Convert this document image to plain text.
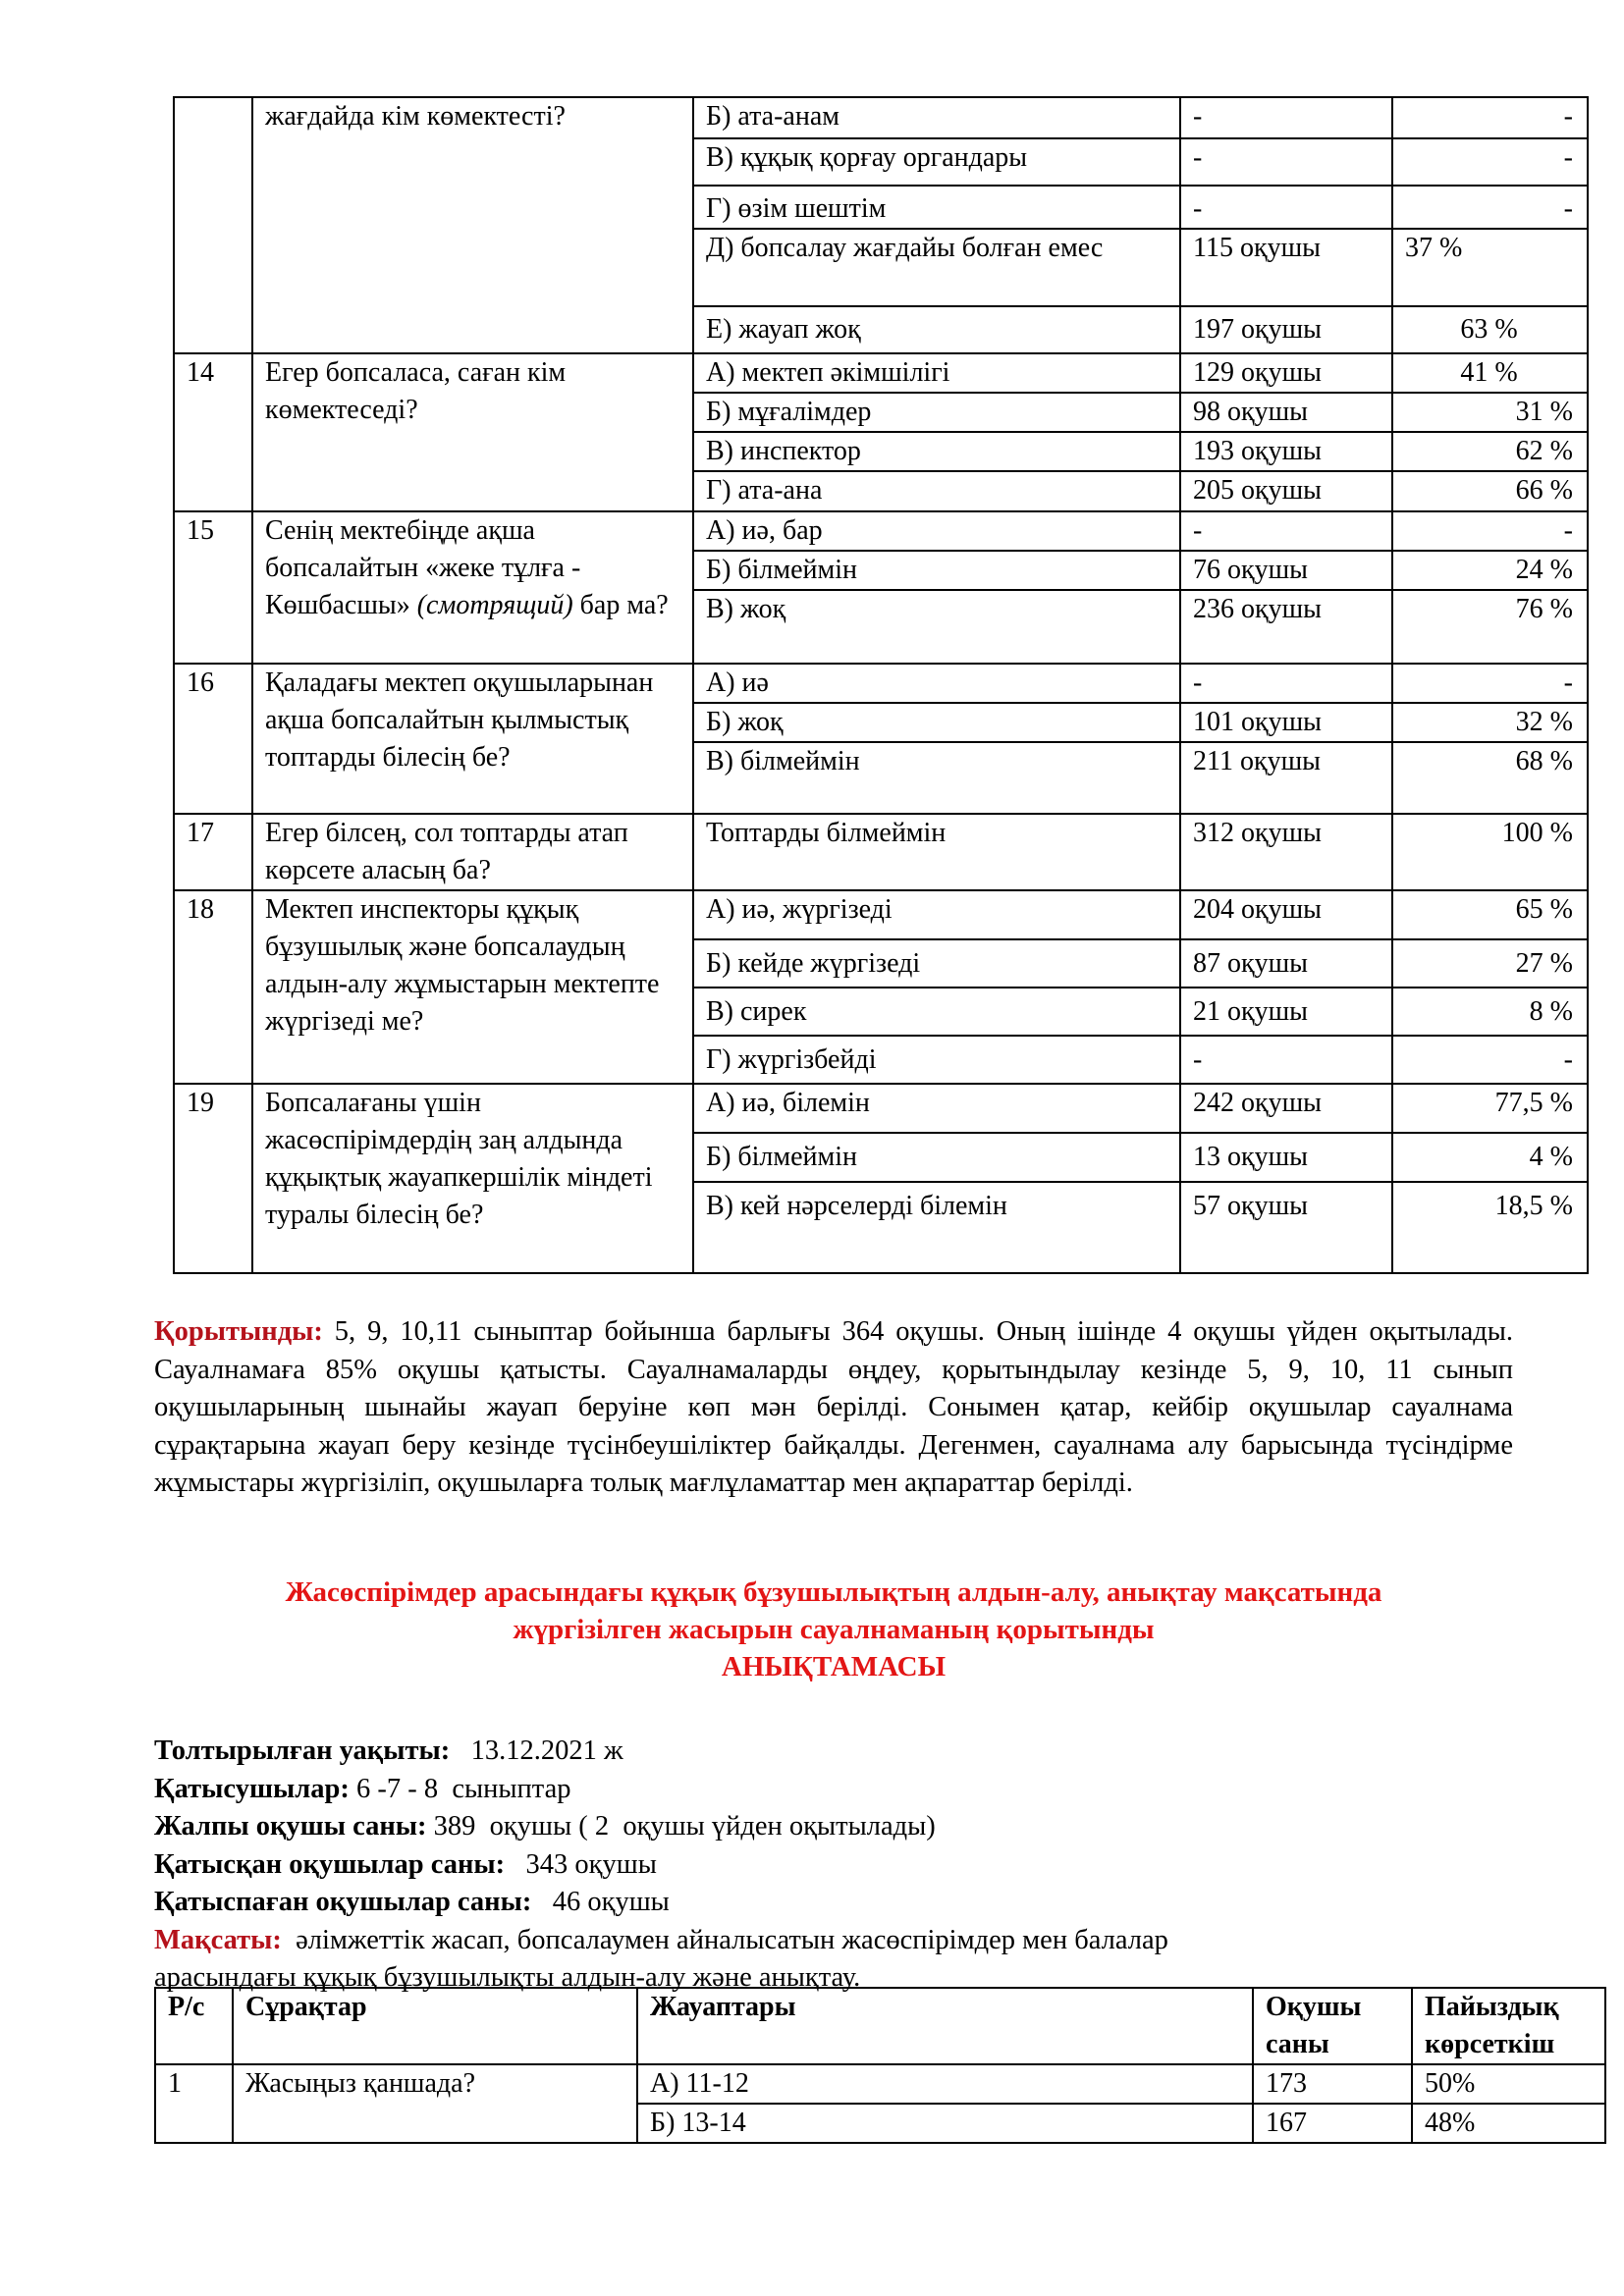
	жағдайда кім көмектесті?	Б) ата-анам	-	-
		В) құқық қорғау органдары	-	-
		Г) өзім шештім	-	-
		Д) бопсалау жағдайы болған емес	115 оқушы	37 %
		Е) жауап жоқ	197 оқушы	63 %
14	Егер бопсаласа, саған кім көмектеседі?	А) мектеп әкімшілігі	129 оқушы	41 %
		Б) мұғалімдер	98 оқушы	31 %
		В) инспектор	193 оқушы	62 %
		Г) ата-ана	205 оқушы	66 %
15	Сенің мектебіңде ақша бопсалайтын «жеке тұлға - Көшбасшы» (смотрящий) бар ма?	А) иә, бар	-	-
		Б) білмеймін	76 оқушы	24 %
		В) жоқ	236 оқушы	76 %
16	Қаладағы мектеп оқушыларынан ақша бопсалайтын қылмыстық топтарды білесің бе?	А) иә	-	-
		Б) жоқ	101 оқушы	32 %
		В) білмеймін	211 оқушы	68 %
17	Егер білсең, сол топтарды атап көрсете аласың ба?	Топтарды білмеймін	312 оқушы	100 %
18	Мектеп инспекторы құқық бұзушылық және бопсалаудың алдын-алу жұмыстарын мектепте жүргізеді ме?	А) иә, жүргізеді	204 оқушы	65 %
		Б) кейде жүргізеді	87 оқушы	27 %
		В) сирек	21 оқушы	8 %
		Г) жүргізбейді	-	-
19	Бопсалағаны үшін жасөспірімдердің заң алдында құқықтық жауапкершілік міндеті туралы білесің бе?	А) иә, білемін	242 оқушы	77,5 %
		Б) білмеймін	13 оқушы	4 %
		В) кей нәрселерді білемін	57 оқушы	18,5 %
Қорытынды: 5, 9, 10,11 сыныптар бойынша барлығы 364 оқушы. Оның ішінде 4 оқушы үйден оқытылады. Сауалнамаға 85% оқушы қатысты. Сауалнамаларды өңдеу, қорытындылау кезінде 5, 9, 10, 11 сынып оқушыларының шынайы жауап беруіне көп мән берілді. Сонымен қатар, кейбір оқушылар сауалнама сұрақтарына жауап беру кезінде түсінбеушіліктер байқалды. Дегенмен, сауалнама алу барысында түсіндірме жұмыстары жүргізіліп, оқушыларға толық мағлұламаттар мен ақпараттар берілді.
Жасөспірімдер арасындағы құқық бұзушылықтың алдын-алу, анықтау мақсатында
жүргізілген жасырын сауалнаманың қорытынды
АНЫҚТАМАСЫ
Толтырылған уақыты:   13.12.2021 ж
Қатысушылар: 6 -7 - 8  сыныптар
Жалпы оқушы саны: 389  оқушы ( 2  оқушы үйден оқытылады)
Қатысқан оқушылар саны:   343 оқушы
Қатыспаған оқушылар саны:   46 оқушы
Мақсаты:  әлімжеттік жасап, бопсалаумен айналысатын жасөспірімдер мен балалар
арасындағы құқық бұзушылықты алдын-алу және анықтау.
Р/с	Сұрақтар	Жауаптары	Оқушы саны	Пайыздық көрсеткіш
1	Жасыңыз қаншада?	А) 11-12	173	50%
		Б) 13-14	167	48%
